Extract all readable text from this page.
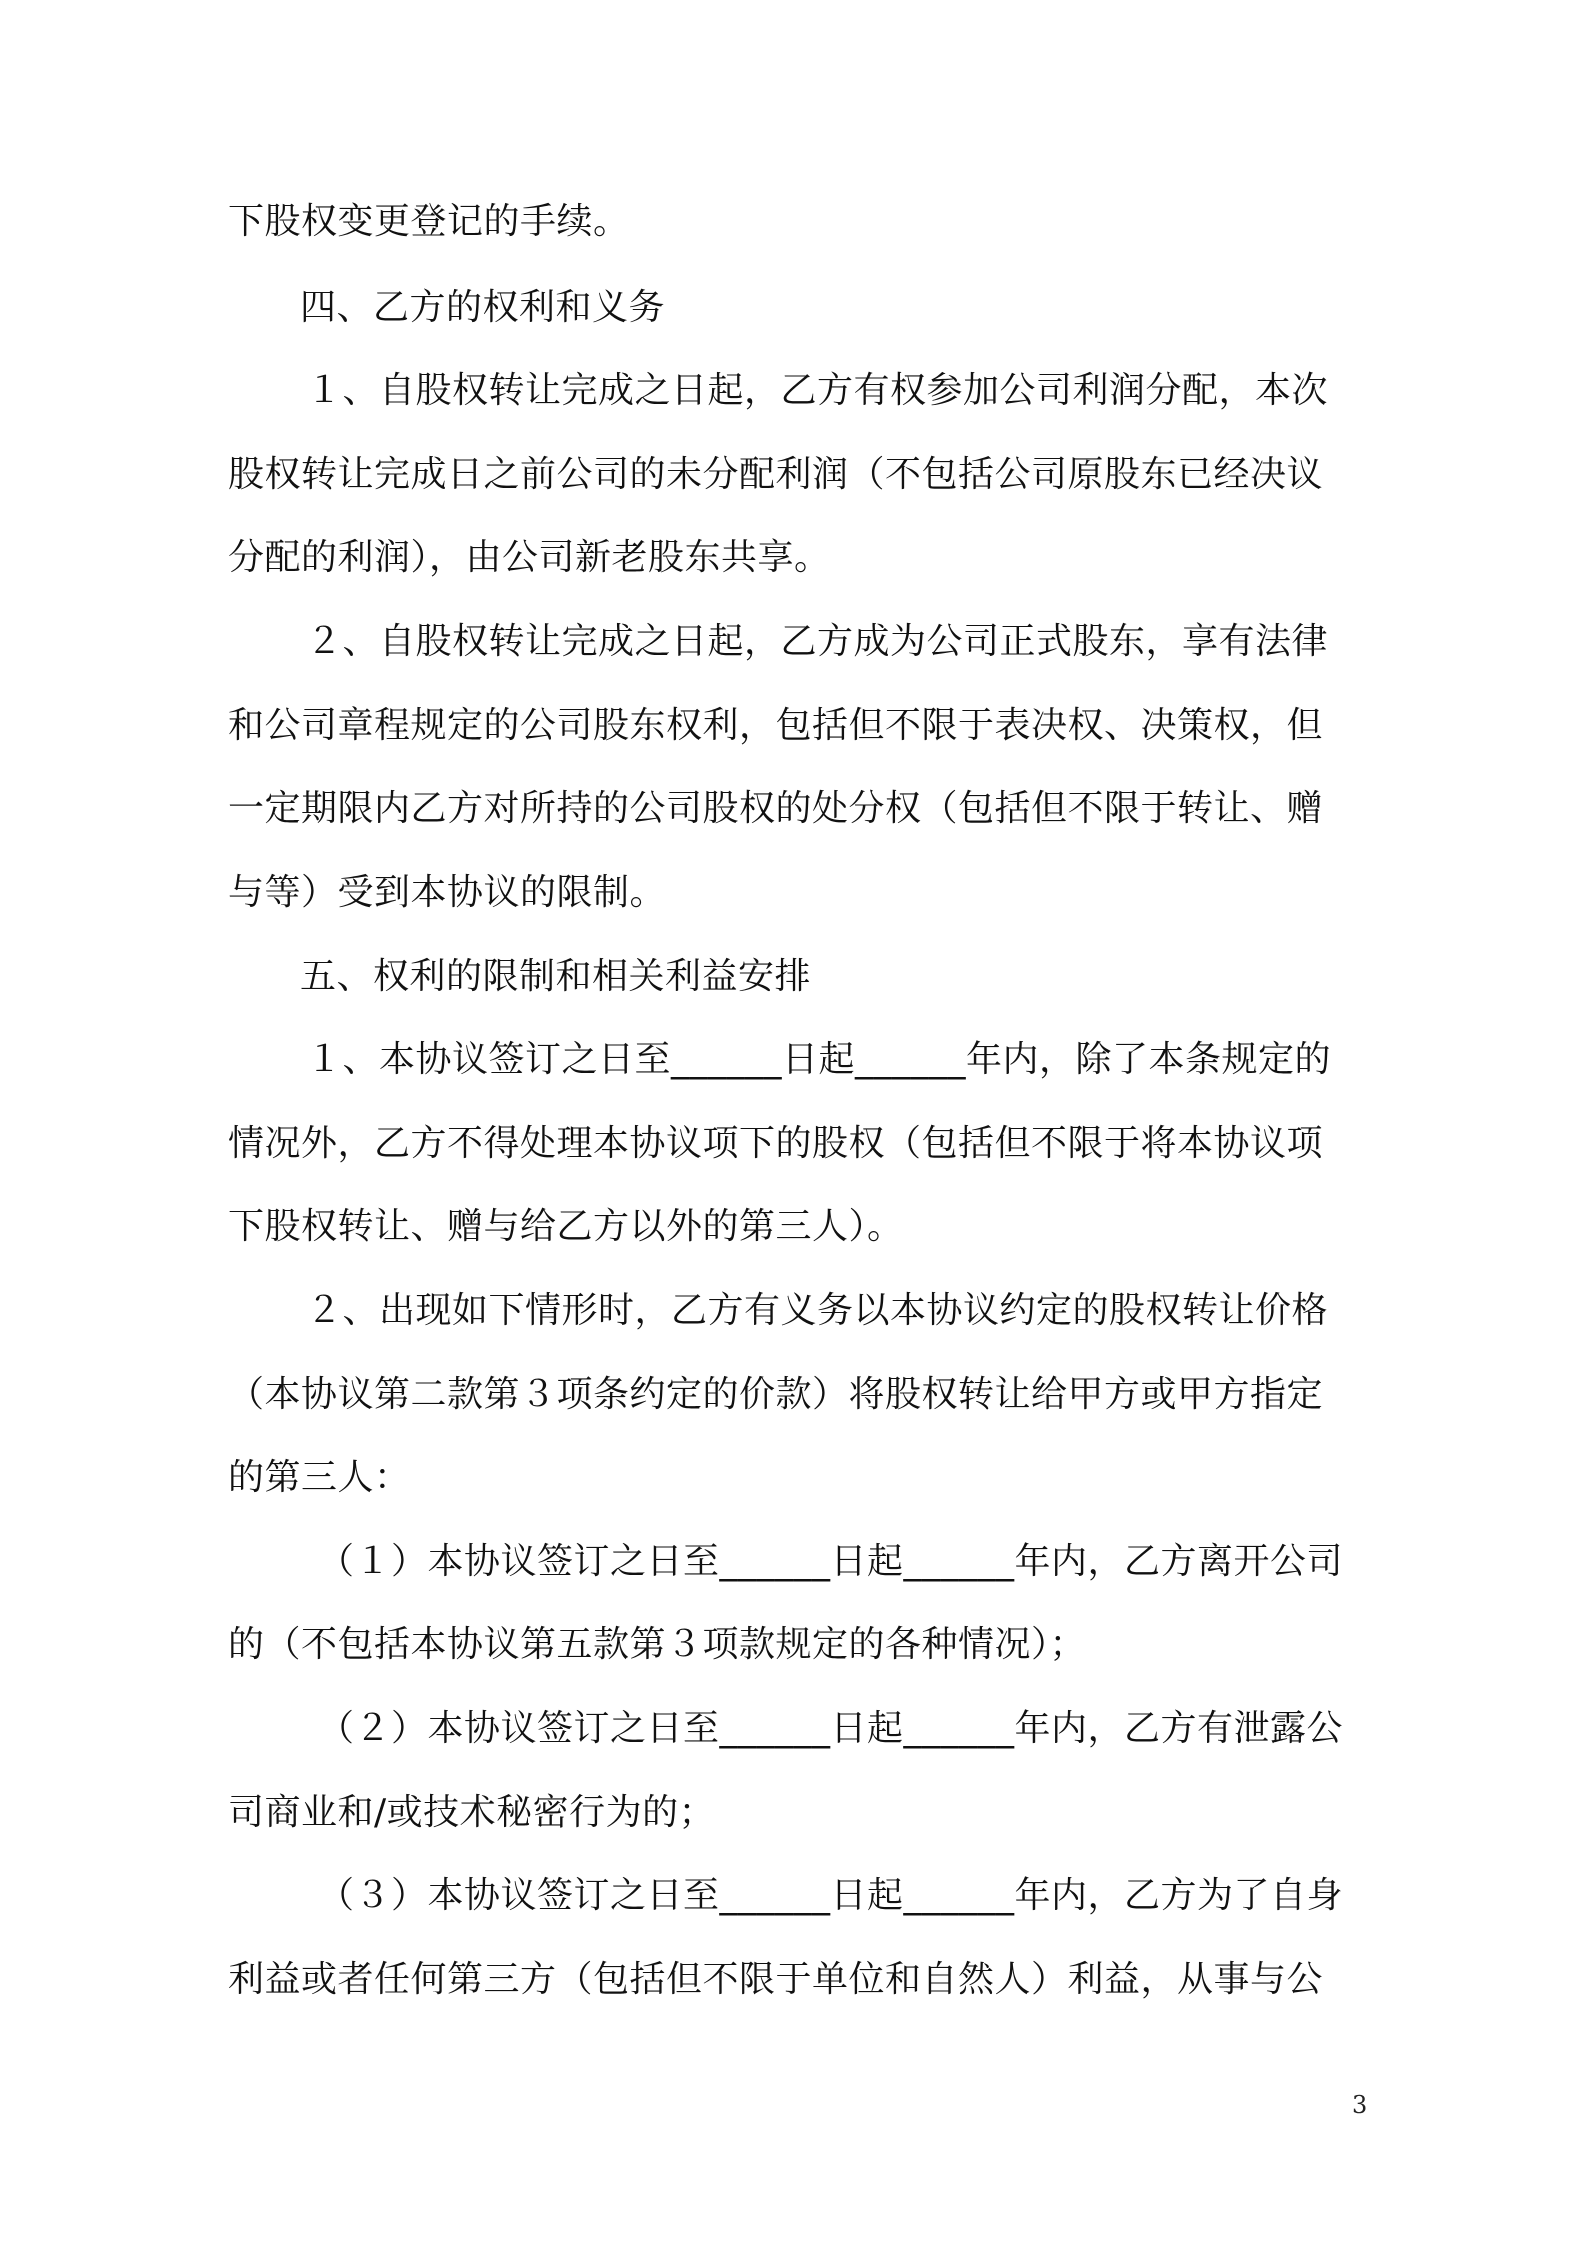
下股权变更登记的手续。
四、乙方的权利和义务
１、自股权转让完成之日起，乙方有权参加公司利润分配，本次
股权转让完成日之前公司的未分配利润（不包括公司原股东已经决议
分配的利润），由公司新老股东共享。
２、自股权转让完成之日起，乙方成为公司正式股东，享有法律
和公司章程规定的公司股东权利，包括但不限于表决权、决策权，但
一定期限内乙方对所持的公司股权的处分权（包括但不限于转让、赠
与等）受到本协议的限制。
五、权利的限制和相关利益安排
１、本协议签订之日至______日起______年内，除了本条规定的
情况外，乙方不得处理本协议项下的股权（包括但不限于将本协议项
下股权转让、赠与给乙方以外的第三人）。
２、出现如下情形时，乙方有义务以本协议约定的股权转让价格
（本协议第二款第３项条约定的价款）将股权转让给甲方或甲方指定
的第三人：
（１）本协议签订之日至______日起______年内，乙方离开公司
的（不包括本协议第五款第３项款规定的各种情况）；
（２）本协议签订之日至______日起______年内，乙方有泄露公
司商业和/或技术秘密行为的；
（３）本协议签订之日至______日起______年内，乙方为了自身
利益或者任何第三方（包括但不限于单位和自然人）利益，从事与公
3
